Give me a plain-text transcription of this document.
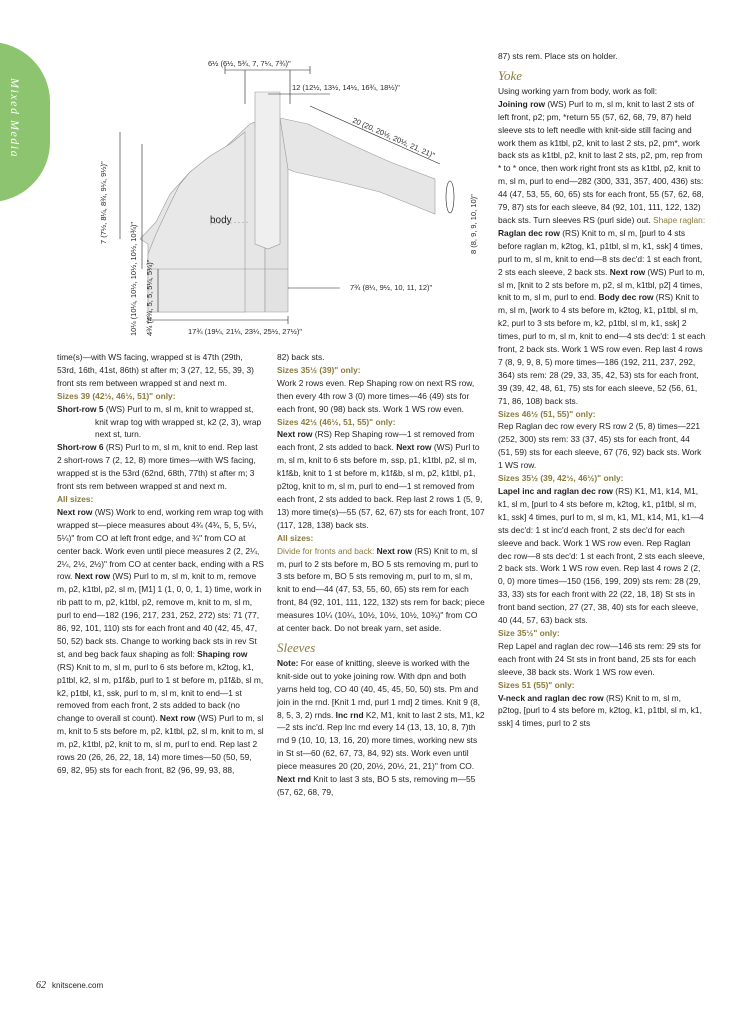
Mixed Media
body
6½ (6½, 5¾, 7, 7¼, 7¾)"
12 (12½, 13½, 14½, 16¾, 18½)"
20 (20, 20½, 20½, 21, 21)"
7 (7½, 8¼, 8¾, 9¼, 9½)"
10¼ (10¼, 10½, 10½, 10½, 10¾)" 4¾ (4¾, 5, 5, 5¼, 5¼)"
8 (8, 9, 9, 10, 10)"
7¾ (8¼, 9½, 10, 11, 12)"
17¾ (19¼, 21¼, 23¼, 25½, 27½)"

time(s)—with WS facing, wrapped st is 47th (29th, 53rd, 16th, 41st, 86th) st after m; 3 (27, 12, 55, 39, 3) front sts rem between wrapped st and next m.

Sizes 39 (42½, 46½, 51)" only:

Short-row 5 (WS) Purl to m, sl m, knit to wrapped st, knit wrap tog with wrapped st, k2 (2, 3), wrap next st, turn.

Short-row 6 (RS) Purl to m, sl m, knit to end. Rep last 2 short-rows 7 (2, 12, 8) more times—with WS facing, wrapped st is the 53rd (62nd, 68th, 77th) st after m; 3 front sts rem between wrapped st and next m.

All sizes:

Next row (WS) Work to end, working rem wrap tog with wrapped st—piece measures about 4¾ (4¾, 5, 5, 5¼, 5¼)" from CO at left front edge, and ¾" from CO at center back. Work even until piece measures 2 (2, 2¼, 2¼, 2½, 2½)" from CO at center back, ending with a RS row. Next row (WS) Purl to m, sl m, knit to m, remove m, p2, k1tbl, p2, sl m, [M1] 1 (1, 0, 0, 1, 1) time, work in rib patt to m, p2, k1tbl, p2, remove m, knit to m, sl m, purl to end—182 (196, 217, 231, 252, 272) sts: 71 (77, 86, 92, 101, 110) sts for each front and 40 (42, 45, 47, 50, 52) back sts. Change to working back sts in rev St st, and beg back faux shaping as foll: Shaping row (RS) Knit to m, sl m, purl to 6 sts before m, k2tog, k1, p1tbl, k2, sl m, p1f&b, purl to 1 st before m, p1f&b, sl m, k2, p1tbl, k1, ssk, purl to m, sl m, knit to end—1 st removed from each front, 2 sts added to back (no change to overall st count). Next row (WS) Purl to m, sl m, knit to 5 sts before m, p2, k1tbl, p2, sl m, knit to m, sl m, p2, k1tbl, p2, knit to m, sl m, purl to end. Rep last 2 rows 20 (26, 26, 22, 18, 14) more times—50 (50, 59, 69, 82, 95) sts for each front, 82 (96, 99, 93, 88,

82) back sts.

Sizes 35½ (39)" only:

Work 2 rows even. Rep Shaping row on next RS row, then every 4th row 3 (0) more times—46 (49) sts for each front, 90 (98) back sts. Work 1 WS row even.

Sizes 42½ (46½, 51, 55)" only:

Next row (RS) Rep Shaping row—1 st removed from each front, 2 sts added to back. Next row (WS) Purl to m, sl m, knit to 6 sts before m, ssp, p1, k1tbl, p2, sl m, k1f&b, knit to 1 st before m, k1f&b, sl m, p2, k1tbl, p1, p2tog, knit to m, sl m, purl to end—1 st removed from each front, 2 sts added to back. Rep last 2 rows 1 (5, 9, 13) more time(s)—55 (57, 62, 67) sts for each front, 107 (117, 128, 138) back sts.

All sizes:

Divide for fronts and back: Next row (RS) Knit to m, sl m, purl to 2 sts before m, BO 5 sts removing m, purl to 3 sts before m, BO 5 sts removing m, purl to m, sl m, knit to end—44 (47, 53, 55, 60, 65) sts rem for each front, 84 (92, 101, 111, 122, 132) sts rem for back; piece measures 10¼ (10¼, 10½, 10½, 10½, 10¾)" from CO at center back. Do not break yarn, set aside.

Sleeves

Note: For ease of knitting, sleeve is worked with the knit-side out to yoke joining row. With dpn and both yarns held tog, CO 40 (40, 45, 45, 50, 50) sts. Pm and join in the rnd. [Knit 1 rnd, purl 1 rnd] 2 times. Knit 9 (8, 8, 5, 3, 2) rnds. Inc rnd K2, M1, knit to last 2 sts, M1, k2—2 sts inc'd. Rep Inc rnd every 14 (13, 13, 10, 8, 7)th rnd 9 (10, 10, 13, 16, 20) more times, working new sts in St st—60 (62, 67, 73, 84, 92) sts. Work even until piece measures 20 (20, 20½, 20½, 21, 21)" from CO. Next rnd Knit to last 3 sts, BO 5 sts, removing m—55 (57, 62, 68, 79,

87) sts rem. Place sts on holder.

Yoke

Using working yarn from body, work as foll:

Joining row (WS) Purl to m, sl m, knit to last 2 sts of left front, p2; pm, *return 55 (57, 62, 68, 79, 87) held sleeve sts to left needle with knit-side still facing and work them as k1tbl, p2, knit to last 2 sts, p2, pm*, work back sts as k1tbl, p2, knit to last 2 sts, p2, pm, rep from * to * once, then work right front sts as k1tbl, p2, knit to m, sl m, purl to end—282 (300, 331, 357, 400, 436) sts: 44 (47, 53, 55, 60, 65) sts for each front, 55 (57, 62, 68, 79, 87) sts for each sleeve, 84 (92, 101, 111, 122, 132) back sts. Turn sleeves RS (purl side) out. Shape raglan: Raglan dec row (RS) Knit to m, sl m, [purl to 4 sts before raglan m, k2tog, k1, p1tbl, sl m, k1, ssk] 4 times, purl to m, sl m, knit to end—8 sts dec'd: 1 st each front, 2 sts each sleeve, 2 back sts. Next row (WS) Purl to m, sl m, [knit to 2 sts before m, p2, sl m, k1tbl, p2] 4 times, knit to m, sl m, purl to end. Body dec row (RS) Knit to m, sl m, [work to 4 sts before m, k2tog, k1, p1tbl, sl m, k2, purl to 3 sts before m, k2, p1tbl, sl m, k1, ssk] 2 times, purl to m, sl m, knit to end—4 sts dec'd: 1 st each front, 2 back sts. Work 1 WS row even. Rep last 4 rows 7 (8, 9, 9, 8, 5) more times—186 (192, 211, 237, 292, 364) sts rem: 28 (29, 33, 35, 42, 53) sts for each front, 39 (39, 42, 48, 61, 75) sts for each sleeve, 52 (56, 61, 71, 86, 108) back sts.

Sizes 46½ (51, 55)" only:

Rep Raglan dec row every RS row 2 (5, 8) times—221 (252, 300) sts rem: 33 (37, 45) sts for each front, 44 (51, 59) sts for each sleeve, 67 (76, 92) back sts. Work 1 WS row.

Sizes 35½ (39, 42½, 46½)" only:

Lapel inc and raglan dec row (RS) K1, M1, k14, M1, k1, sl m, [purl to 4 sts before m, k2tog, k1, p1tbl, sl m, k1, ssk] 4 times, purl to m, sl m, k1, M1, k14, M1, k1—4 sts dec'd: 1 st inc'd each front, 2 sts dec'd for each sleeve and back. Work 1 WS row even. Rep Raglan dec row—8 sts dec'd: 1 st each front, 2 sts each sleeve, 2 back sts. Work 1 WS row even. Rep last 4 rows 2 (2, 0, 0) more times—150 (156, 199, 209) sts rem: 28 (29, 33, 33) sts for each front with 22 (22, 18, 18) St sts in front band section, 27 (27, 38, 40) sts for each sleeve, 40 (44, 57, 63) back sts.

Size 35½" only:

Rep Lapel and raglan dec row—146 sts rem: 29 sts for each front with 24 St sts in front band, 25 sts for each sleeve, 38 back sts. Work 1 WS row even.

Sizes 51 (55)" only:

V-neck and raglan dec row (RS) Knit to m, sl m, p2tog, [purl to 4 sts before m, k2tog, k1, p1tbl, sl m, k1, ssk] 4 times, purl to 2 sts

62 knitscene.com
